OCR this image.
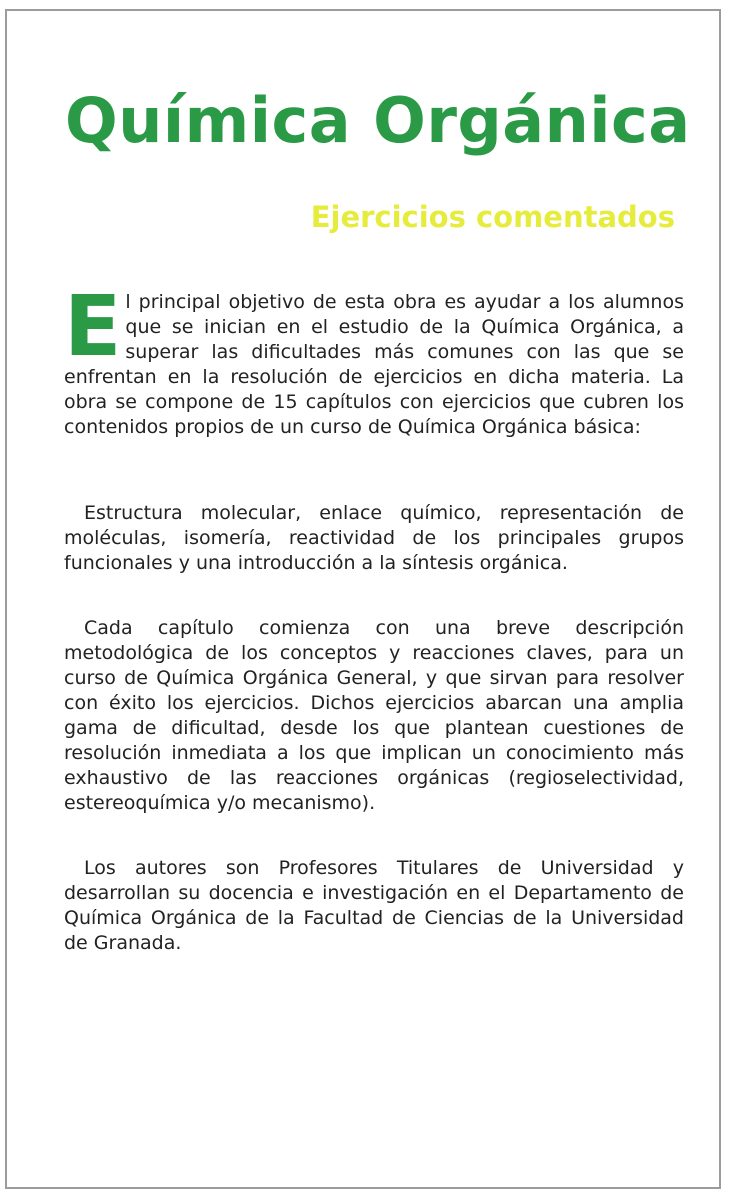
Química Orgánica
Ejercicios comentados

El principal objetivo de esta obra es ayudar a los alumnos que se inician en el estudio de la Química Orgánica, a superar las dificultades más comunes con las que se enfrentan en la resolución de ejercicios en dicha materia. La obra se compone de 15 capítulos con ejercicios que cubren los contenidos propios de un curso de Química Orgánica básica:

Estructura molecular, enlace químico, representación de moléculas, isomería, reactividad de los principales grupos funcionales y una introducción a la síntesis orgánica.

Cada capítulo comienza con una breve descripción metodológica de los conceptos y reacciones claves, para un curso de Química Orgánica General, y que sirvan para resolver con éxito los ejercicios. Dichos ejercicios abarcan una amplia gama de dificultad, desde los que plantean cuestiones de resolución inmediata a los que implican un conocimiento más exhaustivo de las reacciones orgánicas (regioselectividad, estereoquímica y/o mecanismo).

Los autores son Profesores Titulares de Universidad y desarrollan su docencia e investigación en el Departamento de Química Orgánica de la Facultad de Ciencias de la Universidad de Granada.
